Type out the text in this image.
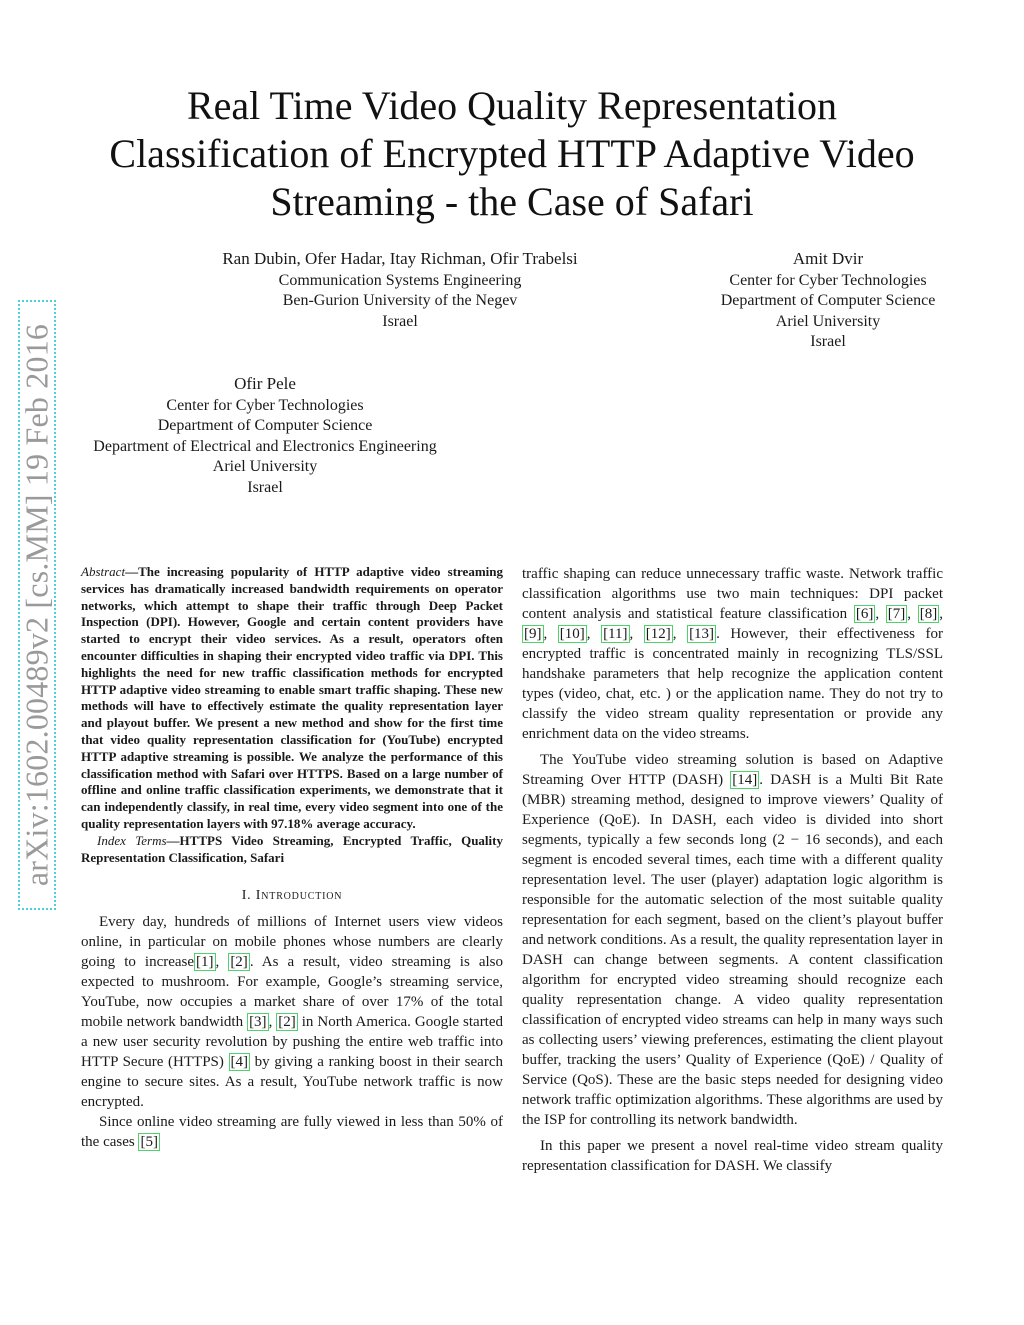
Real Time Video Quality Representation
Classification of Encrypted HTTP Adaptive Video
Streaming - the Case of Safari
Ran Dubin, Ofer Hadar, Itay Richman, Ofir Trabelsi
Communication Systems Engineering
Ben-Gurion University of the Negev
Israel
Amit Dvir
Center for Cyber Technologies
Department of Computer Science
Ariel University
Israel
Ofir Pele
Center for Cyber Technologies
Department of Computer Science
Department of Electrical and Electronics Engineering
Ariel University
Israel
arXiv:1602.00489v2 [cs.MM] 19 Feb 2016 Abstract—The increasing popularity of HTTP adaptive video streaming services has dramatically increased bandwidth requirements on operator networks, which attempt to shape their traffic through Deep Packet Inspection (DPI). However, Google and certain content providers have started to encrypt their video services. As a result, operators often encounter difficulties in shaping their encrypted video traffic via DPI. This highlights the need for new traffic classification methods for encrypted HTTP adaptive video streaming to enable smart traffic shaping. These new methods will have to effectively estimate the quality representation layer and playout buffer. We present a new method and show for the first time that video quality representation classification for (YouTube) encrypted HTTP adaptive streaming is possible. We analyze the performance of this classification method with Safari over HTTPS. Based on a large number of offline and online traffic classification experiments, we demonstrate that it can independently classify, in real time, every video segment into one of the quality representation layers with 97.18% average accuracy.

Index Terms—HTTPS Video Streaming, Encrypted Traffic, Quality Representation Classification, Safari

I. Introduction

Every day, hundreds of millions of Internet users view videos online, in particular on mobile phones whose numbers are clearly going to increase [1] , [2] . As a result, video streaming is also expected to mushroom. For example, Google’s streaming service, YouTube, now occupies a market share of over 17% of the total mobile network bandwidth [3] , [2] in North America. Google started a new user security revolution by pushing the entire web traffic into HTTP Secure (HTTPS) [4] by giving a ranking boost in their search engine to secure sites. As a result, YouTube network traffic is now encrypted.

Since online video streaming are fully viewed in less than 50% of the cases [5]

traffic shaping can reduce unnecessary traffic waste. Network traffic classification algorithms use two main techniques: DPI packet content analysis and statistical feature classification [6] , [7] , [8] , [9] , [10] , [11] , [12] , [13] . However, their effectiveness for encrypted traffic is concentrated mainly in recognizing TLS/SSL handshake parameters that help recognize the application content types (video, chat, etc. ) or the application name. They do not try to classify the video stream quality representation or provide any enrichment data on the video streams.

The YouTube video streaming solution is based on Adaptive Streaming Over HTTP (DASH) [14] . DASH is a Multi Bit Rate (MBR) streaming method, designed to improve viewers’ Quality of Experience (QoE). In DASH, each video is divided into short segments, typically a few seconds long (2 − 16 seconds), and each segment is encoded several times, each time with a different quality representation level. The user (player) adaptation logic algorithm is responsible for the automatic selection of the most suitable quality representation for each segment, based on the client’s playout buffer and network conditions. As a result, the quality representation layer in DASH can change between segments. A content classification algorithm for encrypted video streaming should recognize each quality representation change. A video quality representation classification of encrypted video streams can help in many ways such as collecting users’ viewing preferences, estimating the client playout buffer, tracking the users’ Quality of Experience (QoE) / Quality of Service (QoS). These are the basic steps needed for designing video network traffic optimization algorithms. These algorithms are used by the ISP for controlling its network bandwidth.

In this paper we present a novel real-time video stream quality representation classification for DASH. We classify
